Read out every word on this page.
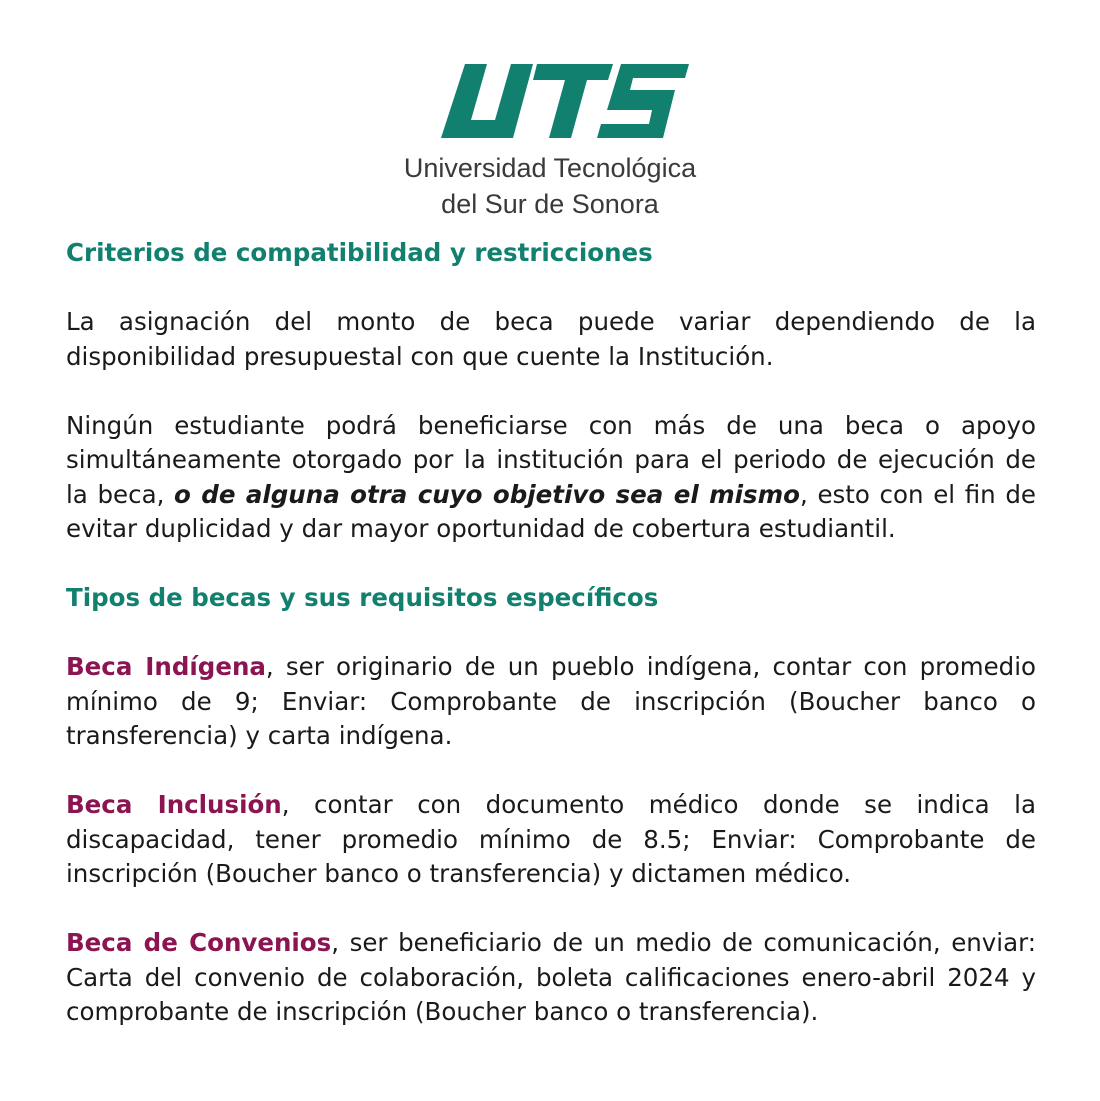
Universidad Tecnológica
del Sur de Sonora
Criterios de compatibilidad y restricciones

La asignación del monto de beca puede variar dependiendo de la disponibilidad presupuestal con que cuente la Institución.

Ningún estudiante podrá beneficiarse con más de una beca o apoyo simultáneamente otorgado por la institución para el periodo de ejecución de la beca, o de alguna otra cuyo objetivo sea el mismo, esto con el fin de evitar duplicidad y dar mayor oportunidad de cobertura estudiantil.

Tipos de becas y sus requisitos específicos

Beca Indígena, ser originario de un pueblo indígena, contar con promedio mínimo de 9; Enviar: Comprobante de inscripción (Boucher banco o transferencia) y carta indígena.

Beca Inclusión, contar con documento médico donde se indica la discapacidad, tener promedio mínimo de 8.5; Enviar: Comprobante de inscripción (Boucher banco o transferencia) y dictamen médico.

Beca de Convenios, ser beneficiario de un medio de comunicación, enviar: Carta del convenio de colaboración, boleta calificaciones enero-abril 2024 y comprobante de inscripción (Boucher banco o transferencia).
